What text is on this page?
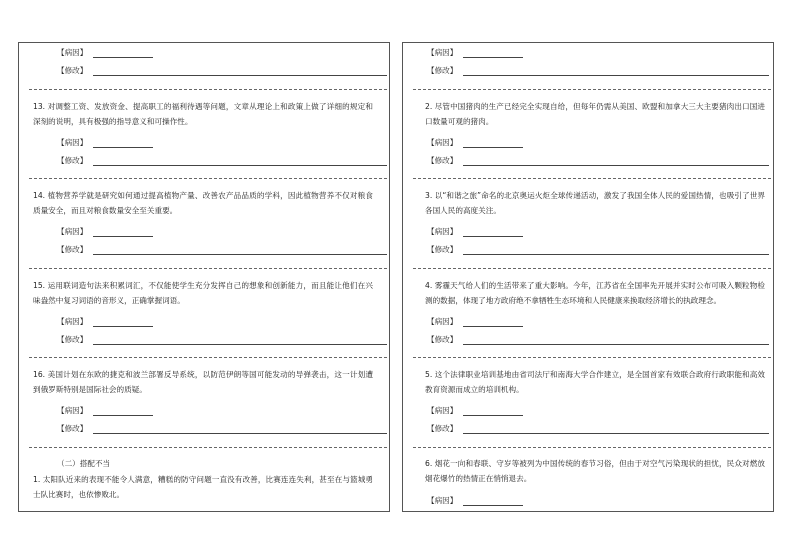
【病因】
【修改】
13. 对调整工资、发放资金、提高职工的福利待遇等问题，文章从理论上和政策上做了详细的规定和深刻的说明，具有极强的指导意义和可操作性。
【病因】
【修改】
14. 植物营养学就是研究如何通过提高植物产量、改善农产品品质的学科，因此植物营养不仅对粮食质量安全，而且对粮食数量安全至关重要。
【病因】
【修改】
15. 运用联词造句法来积累词汇，不仅能使学生充分发挥自己的想象和创新能力，而且能让他们在兴味盎然中复习词语的音形义，正确掌握词语。
【病因】
【修改】
16. 美国计划在东欧的捷克和波兰部署反导系统，以防范伊朗等国可能发动的导弹袭击，这一计划遭到俄罗斯特别是国际社会的质疑。
【病因】
【修改】
（二）搭配不当
1. 太阳队近来的表现不能令人满意，糟糕的防守问题一直没有改善，比赛连连失利，甚至在与篮城勇士队比赛时，也依惨败北。
【病因】
【修改】
2. 尽管中国猪肉的生产已经完全实现自给，但每年仍需从美国、欧盟和加拿大三大主要猪肉出口国进口数量可观的猪肉。
【病因】
【修改】
3. 以“和谐之旅”命名的北京奥运火炬全球传递活动，激发了我国全体人民的爱国热情，也吸引了世界各国人民的高度关注。
【病因】
【修改】
4. 雾霾天气给人们的生活带来了重大影响。今年，江苏省在全国率先开展并实时公布可吸入颗粒物检测的数据，体现了地方政府绝不拿牺牲生态环境和人民健康来换取经济增长的执政理念。
【病因】
【修改】
5. 这个法律职业培训基地由省司法厅和南海大学合作建立，是全国首家有效联合政府行政职能和高效教育资源而成立的培训机构。
【病因】
【修改】
6. 烟花一向和春联、守岁等被列为中国传统的春节习俗，但由于对空气污染现状的担忧，民众对燃放烟花爆竹的热情正在悄悄退去。
【病因】
